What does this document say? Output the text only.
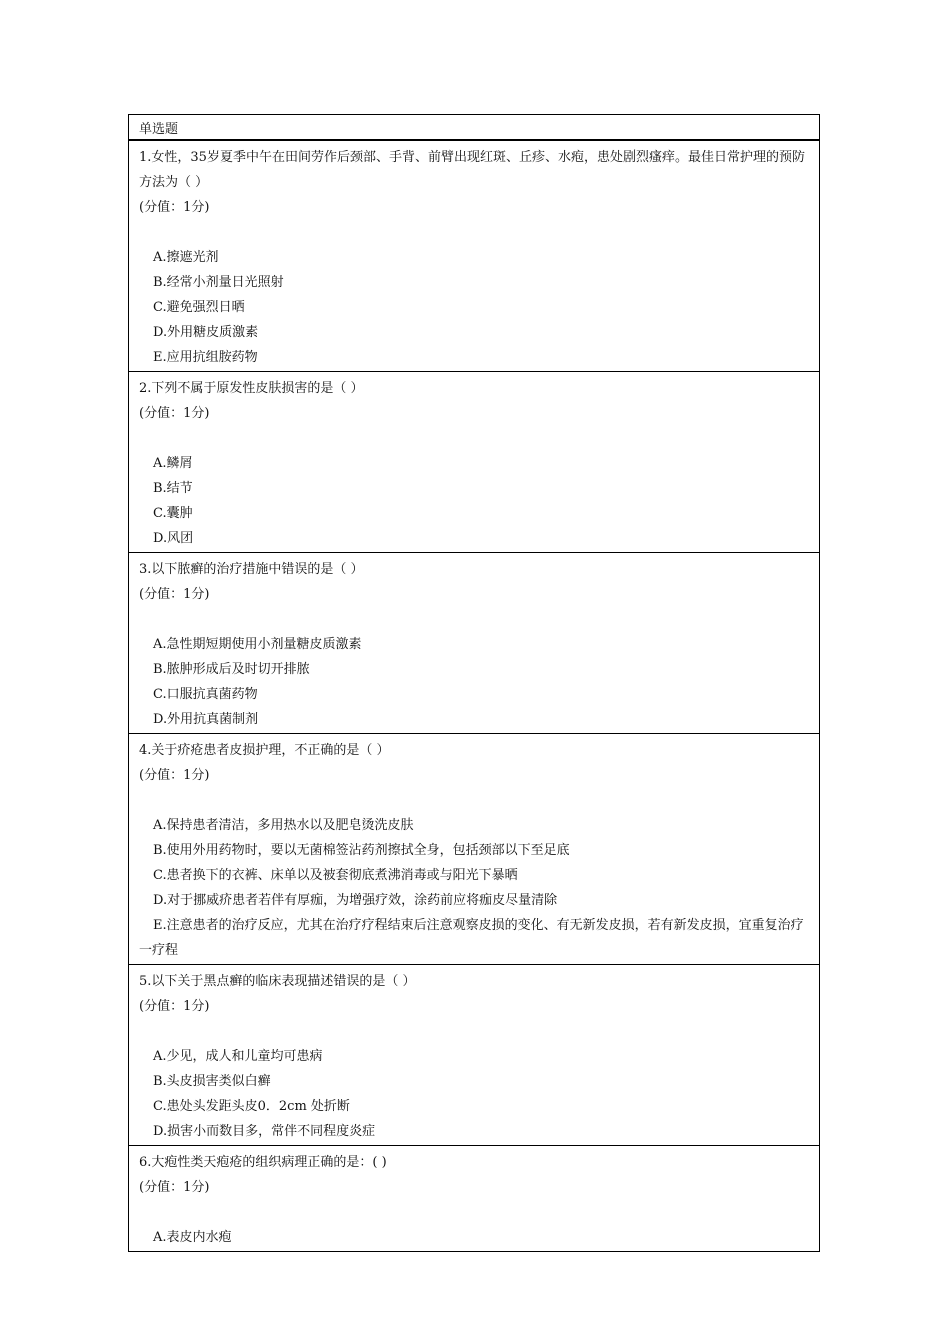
单选题
1.女性，35岁夏季中午在田间劳作后颈部、手背、前臂出现红斑、丘疹、水疱，患处剧烈瘙痒。最佳日常护理的预防方法为（ ）
(分值：1分)
A.擦遮光剂
B.经常小剂量日光照射
C.避免强烈日晒
D.外用糖皮质激素
E.应用抗组胺药物
2.下列不属于原发性皮肤损害的是（ ）
(分值：1分)
A.鳞屑
B.结节
C.囊肿
D.风团
3.以下脓癣的治疗措施中错误的是（ ）
(分值：1分)
A.急性期短期使用小剂量糖皮质激素
B.脓肿形成后及时切开排脓
C.口服抗真菌药物
D.外用抗真菌制剂
4.关于疥疮患者皮损护理，不正确的是（ ）
(分值：1分)
A.保持患者清洁，多用热水以及肥皂烫洗皮肤
B.使用外用药物时，要以无菌棉签沾药剂擦拭全身，包括颈部以下至足底
C.患者换下的衣裤、床单以及被套彻底煮沸消毒或与阳光下暴晒
D.对于挪威疥患者若伴有厚痂，为增强疗效，涂药前应将痂皮尽量清除
E.注意患者的治疗反应，尤其在治疗疗程结束后注意观察皮损的变化、有无新发皮损，若有新发皮损，宜重复治疗一疗程
5.以下关于黑点癣的临床表现描述错误的是（ ）
(分值：1分)
A.少见，成人和儿童均可患病
B.头皮损害类似白癣
C.患处头发距头皮0．2cm 处折断
D.损害小而数目多，常伴不同程度炎症
6.大疱性类天疱疮的组织病理正确的是：( )
(分值：1分)
A.表皮内水疱
